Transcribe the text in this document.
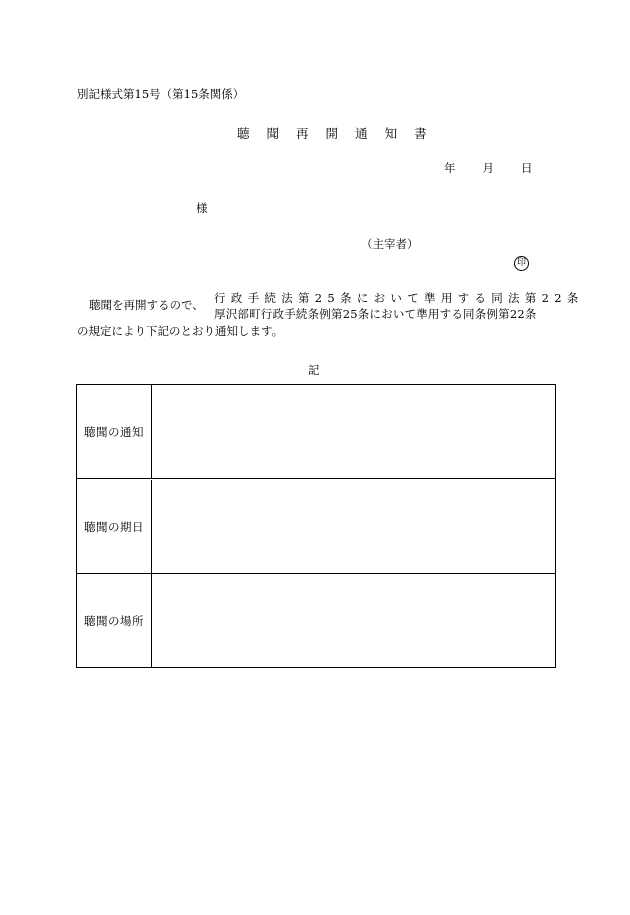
別記様式第15号（第15条関係）
聴 聞 再 開 通 知 書
年 月 日
様
（主宰者）
印
聴聞を再開するので、 行政手続法第25条において準用する同法第22条
厚沢部町行政手続条例第25条において準用する同条例第22条
の規定により下記のとおり通知します。
記
聴聞の通知
聴聞の期日
聴聞の場所
